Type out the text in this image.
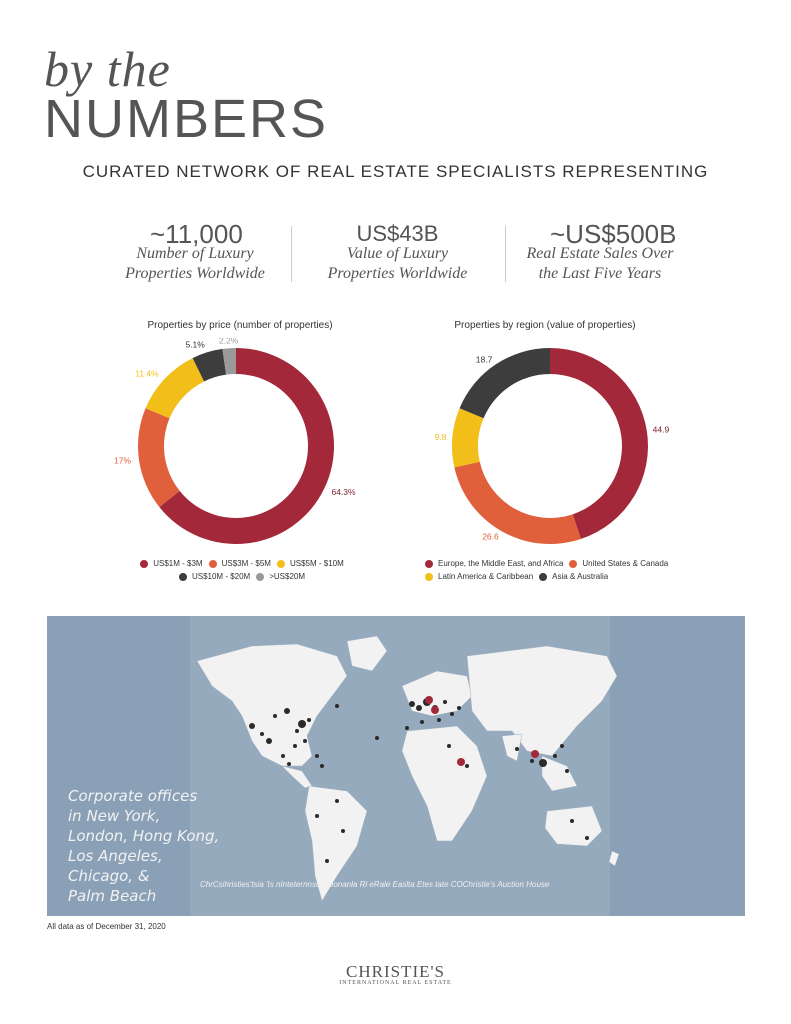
by the
NUMBERS
CURATED NETWORK OF REAL ESTATE SPECIALISTS REPRESENTING
~11,000
Number of Luxury
Properties Worldwide
US$43B
Value of Luxury
Properties Worldwide
~US$500B
Real Estate Sales Over
the Last Five Years
Properties by price (number of properties)
64.3%
17%
11.4%
5.1% 2.2%
US$1M - $3M US$3M - $5M US$5M - $10M
US$10M - $20M >US$20M
Properties by region (value of properties)
44.9
26.6
9.8
18.7
Europe, the Middle East, and Africa United States & Canada
Latin America & Caribbean Asia & Australia
Corporate offices
in New York,
London, Hong Kong,
Los Angeles,
Chicago, &
Palm Beach
ChrCsihristies'tsia 'Is nInteternnsoatloonanla Rl eRale Easlta Etes tate COChristie's Auction House
All data as of December 31, 2020
CHRISTIE'S
INTERNATIONAL REAL ESTATE
